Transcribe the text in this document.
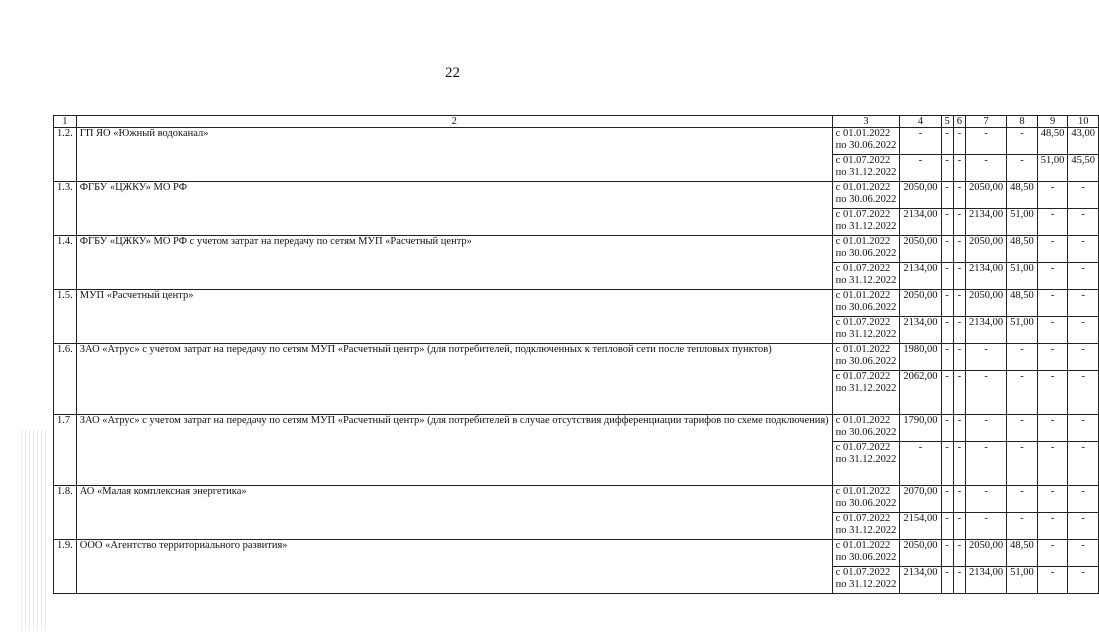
22
1	2	3	4	5	6	7	8	9	10
1.2.	ГП ЯО «Южный водоканал»	с 01.01.2022
по 30.06.2022	-	-	-	-	-	48,50	43,00

		с 01.07.2022
по 31.12.2022	-	-	-	-	-	51,00	45,50
1.3.	ФГБУ «ЦЖКУ» МО РФ	с 01.01.2022
по 30.06.2022	2050,00	-	-	2050,00	48,50	-	-

		с 01.07.2022
по 31.12.2022	2134,00	-	-	2134,00	51,00	-	-
1.4.	ФГБУ «ЦЖКУ» МО РФ с учетом затрат на передачу по сетям МУП «Расчетный центр»	с 01.01.2022
по 30.06.2022	2050,00	-	-	2050,00	48,50	-	-

		с 01.07.2022
по 31.12.2022	2134,00	-	-	2134,00	51,00	-	-
1.5.	МУП «Расчетный центр»	с 01.01.2022
по 30.06.2022	2050,00	-	-	2050,00	48,50	-	-

		с 01.07.2022
по 31.12.2022	2134,00	-	-	2134,00	51,00	-	-
1.6.	ЗАО «Атрус» с учетом затрат на передачу по сетям МУП «Расчетный центр» (для потребителей, подключенных к тепловой сети после тепловых пунктов)	с 01.01.2022
по 30.06.2022	1980,00	-	-	-	-	-	-

		с 01.07.2022
по 31.12.2022	2062,00	-	-	-	-	-	-
1.7	ЗАО «Атрус» с учетом затрат на передачу по сетям МУП «Расчетный центр» (для потребителей в случае отсутствия дифференциации тарифов по схеме подключения)	с 01.01.2022
по 30.06.2022	1790,00	-	-	-	-	-	-

		с 01.07.2022
по 31.12.2022	-	-	-	-	-	-	-
1.8.	АО «Малая комплексная энергетика»	с 01.01.2022
по 30.06.2022	2070,00	-	-	-	-	-	-

		с 01.07.2022
по 31.12.2022	2154,00	-	-	-	-	-	-
1.9.	ООО «Агентство территориального развития»	с 01.01.2022
по 30.06.2022	2050,00	-	-	2050,00	48,50	-	-

		с 01.07.2022
по 31.12.2022	2134,00	-	-	2134,00	51,00	-	-
